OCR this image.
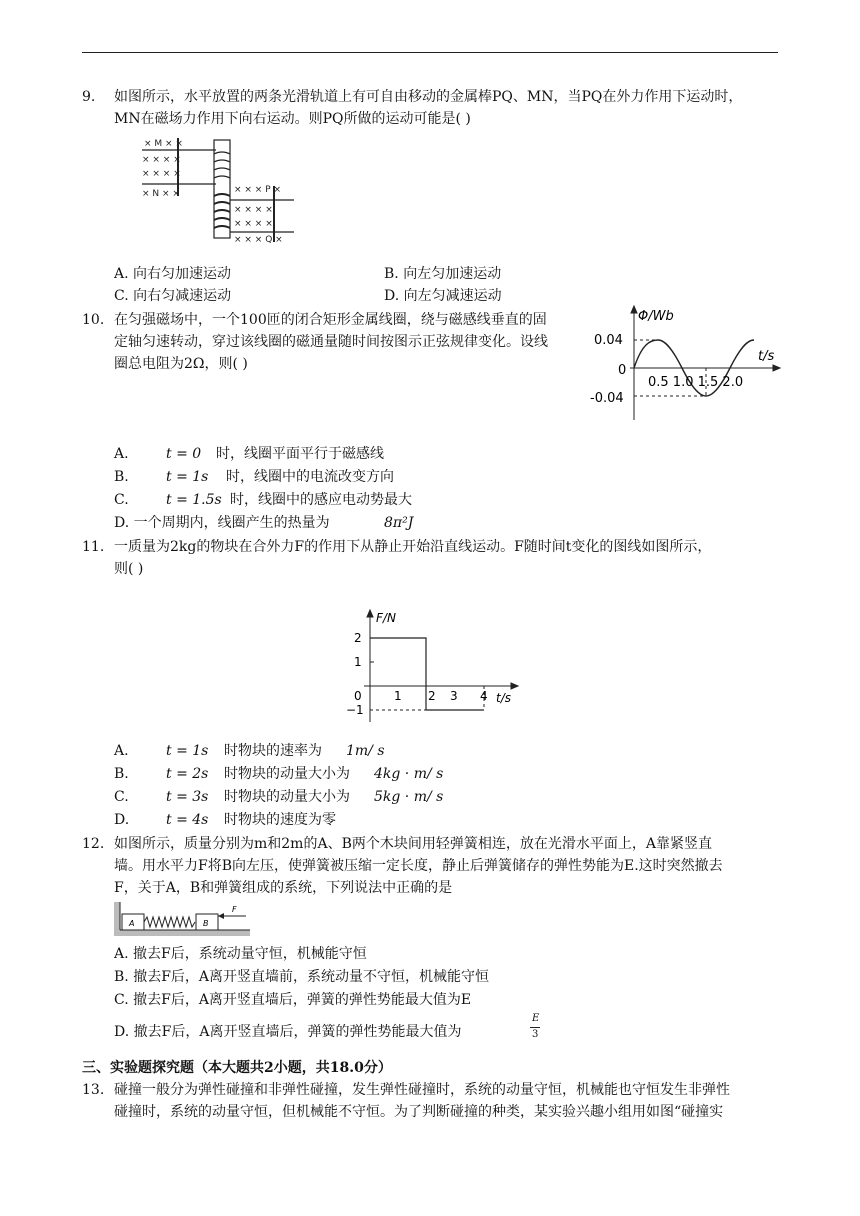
9. 如图所示，水平放置的两条光滑轨道上有可自由移动的金属棒PQ、MN，当PQ在外力作用下运动时，
MN在磁场力作用下向右运动。则PQ所做的运动可能是( )
× M × ×
× × × ×
× × × ×
× N × ×	× × × P ×
× × × ×
× × × ×
× × × Q ×
A. 向右匀加速运动	B. 向左匀加速运动
C. 向右匀减速运动	D. 向左匀减速运动
10. 在匀强磁场中，一个100匝的闭合矩形金属线圈，绕与磁感线垂直的固
定轴匀速转动，穿过该线圈的磁通量随时间按图示正弦规律变化。设线
圈总电阻为2Ω，则( )
Φ/Wb
t/s
0.04
0
-0.04
0.5 1.0 1.5 2.0
A.	t = 0 时，线圈平面平行于磁感线
B.	t = 1s 时，线圈中的电流改变方向
C.	t = 1.5s 时，线圈中的感应电动势最大
D. 一个周期内，线圈产生的热量为	8π²J
11. 一质量为2kg的物块在合外力F的作用下从静止开始沿直线运动。F随时间t变化的图线如图所示，
则( )
F/N
t/s
2
1
0
−1
1 2 3 4
A.	t = 1s 时物块的速率为 1m/ s
B.	t = 2s 时物块的动量大小为 4kg · m/ s
C.	t = 3s 时物块的动量大小为 5kg · m/ s
D.	t = 4s 时物块的速度为零
12. 如图所示，质量分别为m和2m的A、B两个木块间用轻弹簧相连，放在光滑水平面上，A靠紧竖直
墙。用水平力F将B向左压，使弹簧被压缩一定长度，静止后弹簧储存的弹性势能为E.这时突然撤去
F，关于A，B和弹簧组成的系统，下列说法中正确的是
A	B
F
A. 撤去F后，系统动量守恒，机械能守恒
B. 撤去F后，A离开竖直墙前，系统动量不守恒，机械能守恒
C. 撤去F后，A离开竖直墙后，弹簧的弹性势能最大值为E
D. 撤去F后，A离开竖直墙后，弹簧的弹性势能最大值为
E
3
三、实验题探究题（本大题共2小题，共18.0分）
13. 碰撞一般分为弹性碰撞和非弹性碰撞，发生弹性碰撞时，系统的动量守恒，机械能也守恒发生非弹性
碰撞时，系统的动量守恒，但机械能不守恒。为了判断碰撞的种类，某实验兴趣小组用如图“碰撞实
